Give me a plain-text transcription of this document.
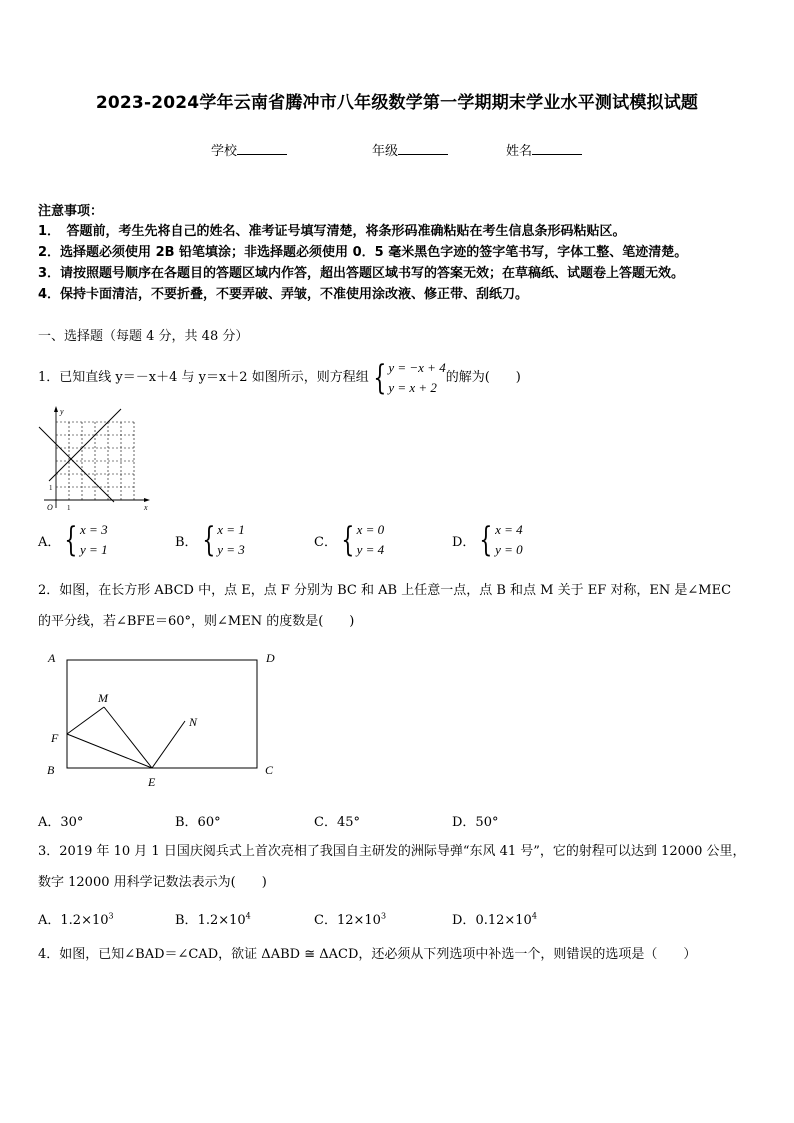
2023-2024学年云南省腾冲市八年级数学第一学期期末学业水平测试模拟试题
学校	年级	姓名
注意事项：
1．　答题前，考生先将自己的姓名、准考证号填写清楚，将条形码准确粘贴在考生信息条形码粘贴区。
2．选择题必须使用 2B 铅笔填涂；非选择题必须使用 0．5 毫米黑色字迹的签字笔书写，字体工整、笔迹清楚。
3．请按照题号顺序在各题目的答题区域内作答，超出答题区域书写的答案无效；在草稿纸、试题卷上答题无效。
4．保持卡面清洁，不要折叠，不要弄破、弄皱，不准使用涂改液、修正带、刮纸刀。
一、选择题（每题 4 分，共 48 分）
1．已知直线 y＝－x＋4 与 y＝x＋2 如图所示，则方程组 { y = −x + 4
y = x + 2
的解为(　　)
y
x
O 1
1
A． { x = 3
y = 1	B． { x = 1
y = 3	C． { x = 0
y = 4	D． { x = 4
y = 0
2．如图，在长方形 ABCD 中，点 E，点 F 分别为 BC 和 AB 上任意一点，点 B 和点 M 关于 EF 对称，EN 是∠MEC
的平分线，若∠BFE＝60°，则∠MEN 的度数是(　　)
A	D
M
N
F
B	C
E
A．30°	B．60°	C．45°	D．50°
3．2019 年 10 月 1 日国庆阅兵式上首次亮相了我国自主研发的洲际导弹“东风 41 号”，它的射程可以达到 12000 公里，
数字 12000 用科学记数法表示为(　　)
A．$1.2\times 10^3$	B．$1.2\times 10^4$	C．$12\times 10^3$	D．$0.12\times 10^4$
4．如图，已知∠BAD＝∠CAD，欲证 ΔABD ≅ ΔACD，还必须从下列选项中补选一个，则错误的选项是（　　）
